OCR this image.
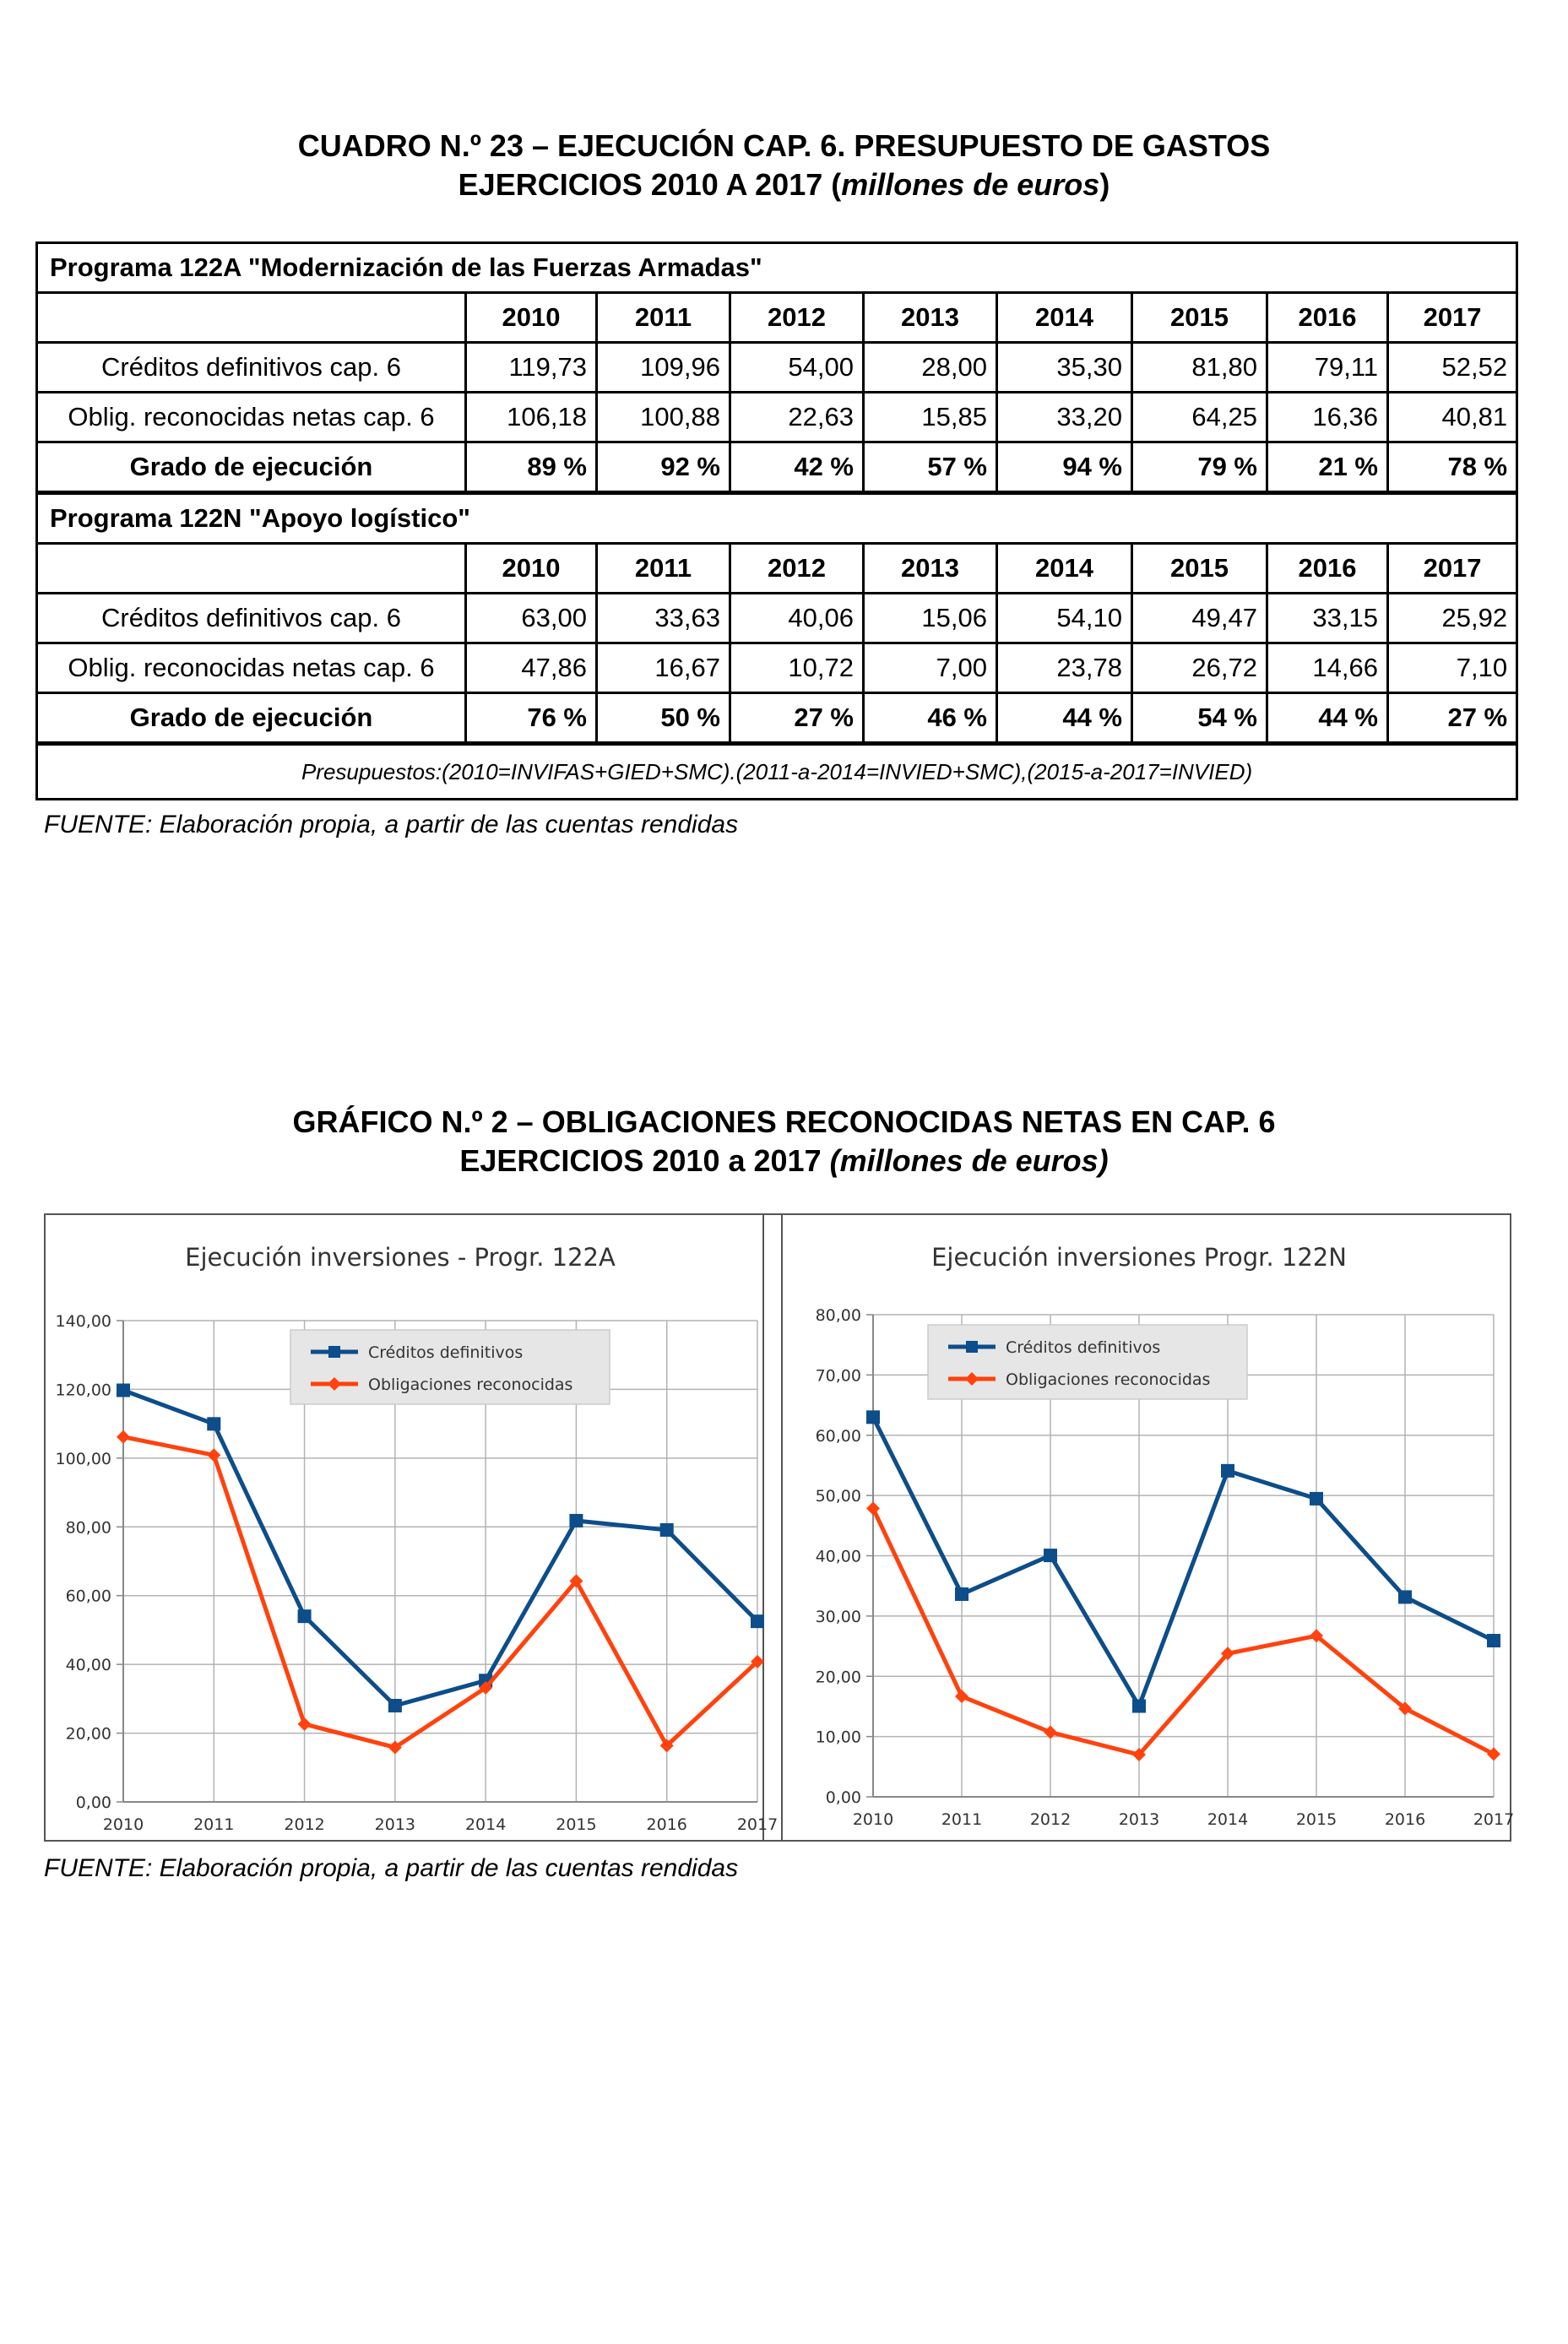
CUADRO N.º 23 – EJECUCIÓN CAP. 6. PRESUPUESTO DE GASTOS
EJERCICIOS 2010 A 2017 (millones de euros)
Programa 122A "Modernización de las Fuerzas Armadas"								
	2010	2011	2012	2013	2014	2015	2016	2017
Créditos definitivos cap. 6	119,73	109,96	54,00	28,00	35,30	81,80	79,11	52,52
Oblig. reconocidas netas cap. 6	106,18	100,88	22,63	15,85	33,20	64,25	16,36	40,81
Grado de ejecución	89 %	92 %	42 %	57 %	94 %	79 %	21 %	78 %
Programa 122N "Apoyo logístico"								
	2010	2011	2012	2013	2014	2015	2016	2017
Créditos definitivos cap. 6	63,00	33,63	40,06	15,06	54,10	49,47	33,15	25,92
Oblig. reconocidas netas cap. 6	47,86	16,67	10,72	7,00	23,78	26,72	14,66	7,10
Grado de ejecución	76 %	50 %	27 %	46 %	44 %	54 %	44 %	27 %
Presupuestos:(2010=INVIFAS+GIED+SMC).(2011-a-2014=INVIED+SMC),(2015-a-2017=INVIED)								
FUENTE: Elaboración propia, a partir de las cuentas rendidas
GRÁFICO N.º 2 – OBLIGACIONES RECONOCIDAS NETAS EN CAP. 6
EJERCICIOS 2010 a 2017 (millones de euros)
Ejecución inversiones - Progr. 122A
0,00
20,00
40,00
60,00
80,00
100,00
120,00
140,00
2010	2011	2012	2013	2014	2015	2016	2017
Créditos definitivos
Obligaciones reconocidas
Ejecución inversiones Progr. 122N
0,00
10,00
20,00
30,00
40,00
50,00
60,00
70,00
80,00
2010	2011	2012	2013	2014	2015	2016	2017
Créditos definitivos
Obligaciones reconocidas
FUENTE: Elaboración propia, a partir de las cuentas rendidas
